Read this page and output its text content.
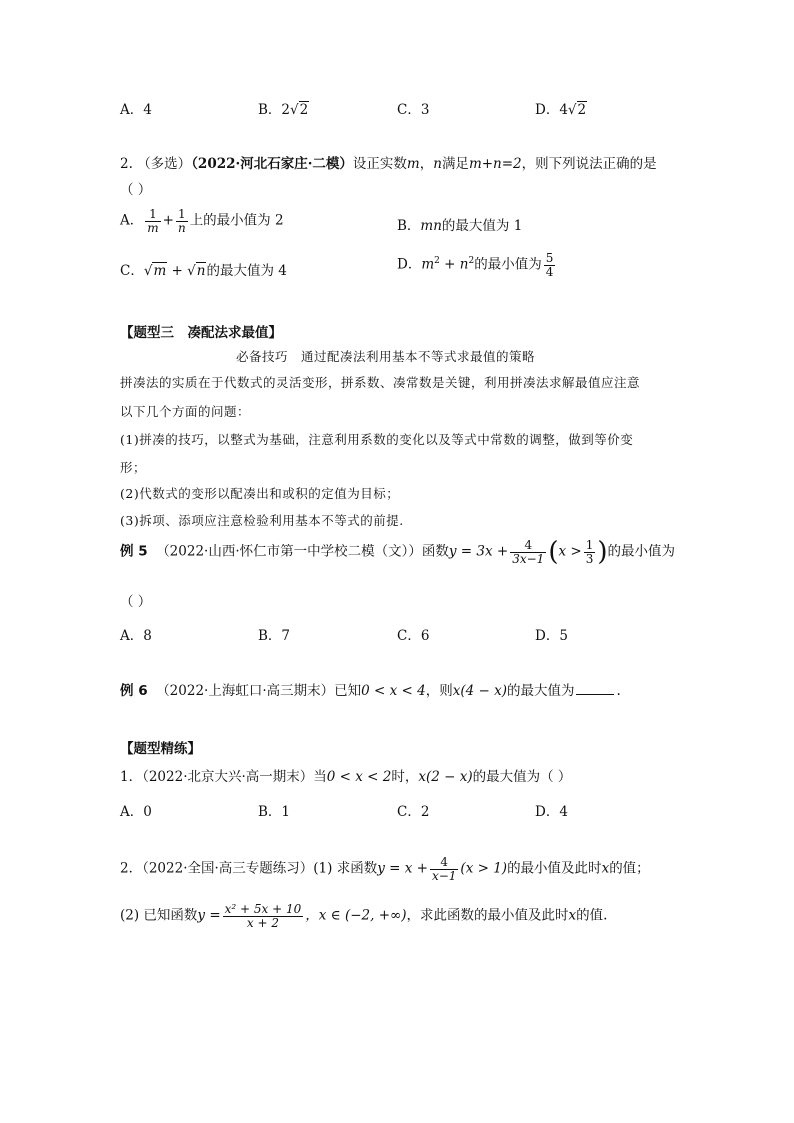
A．4	B．2√2	C．3	D．4√2
2. （多选）（2022·河北石家庄·二模）设正实数m，n满足m+n=2，则下列说法正确的是
（ ）
A． $\frac{1}{m} + \frac{1}{n}$ 上的最小值为 2	B．mn的最大值为 1
C．√m + √n的最大值为 4	D．$m^2 + n^2$的最小值为 $\frac{5}{4}$
【题型三　凑配法求最值】
必备技巧　通过配凑法利用基本不等式求最值的策略
拼凑法的实质在于代数式的灵活变形，拼系数、凑常数是关键，利用拼凑法求解最值应注意
以下几个方面的问题：
(1)拼凑的技巧，以整式为基础，注意利用系数的变化以及等式中常数的调整，做到等价变
形；
(2)代数式的变形以配凑出和或积的定值为目标；
(3)拆项、添项应注意检验利用基本不等式的前提.
例 5 （2022·山西·怀仁市第一中学校二模（文））函数$y = 3x + \frac{4}{3x-1} (x > \frac{1}{3}$ )的最小值为
（ ）
A．8	B．7	C．6	D．5
例 6 （2022·上海虹口·高三期末）已知0 < x < 4，则x(4 − x)的最大值为	.
【题型精练】
1．（2022·北京大兴·高一期末）当0 < x < 2时，x(2 − x)的最大值为（ ）
A．0	B．1	C．2	D．4
2．（2022·全国·高三专题练习）(1) 求函数$y = x + \frac{4}{x-1} (x > 1)$的最小值及此时x的值；
(2) 已知函数$y = \frac{\text{x² + 5x + 10}}{x + 2}$ ，x ∈ (−2, +∞)，求此函数的最小值及此时x的值.
